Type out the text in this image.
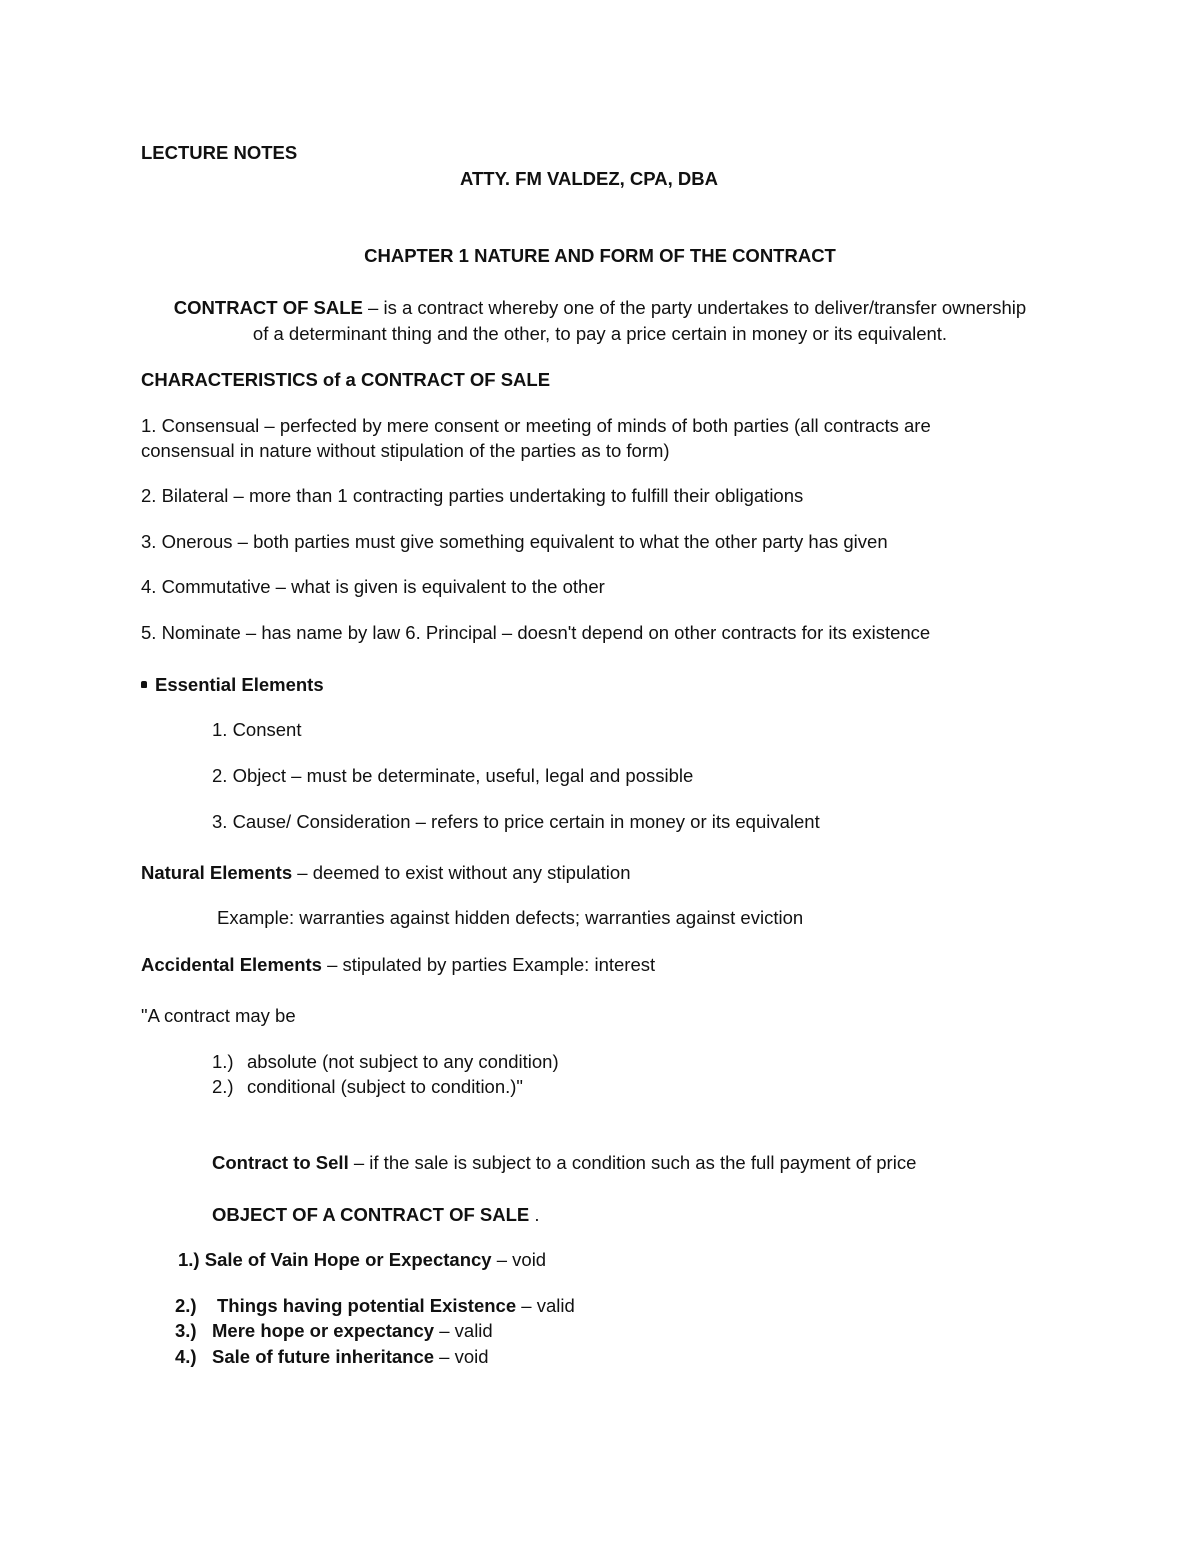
LECTURE NOTES
ATTY. FM VALDEZ, CPA, DBA
CHAPTER 1 NATURE AND FORM OF THE CONTRACT
CONTRACT OF SALE – is a contract whereby one of the party undertakes to deliver/transfer ownership
of a determinant thing and the other, to pay a price certain in money or its equivalent.
CHARACTERISTICS of a CONTRACT OF SALE
1. Consensual – perfected by mere consent or meeting of minds of both parties (all contracts are
consensual in nature without stipulation of the parties as to form)
2. Bilateral – more than 1 contracting parties undertaking to fulfill their obligations
3. Onerous – both parties must give something equivalent to what the other party has given
4. Commutative – what is given is equivalent to the other
5. Nominate – has name by law 6. Principal – doesn't depend on other contracts for its existence
Essential Elements
1. Consent
2. Object – must be determinate, useful, legal and possible
3. Cause/ Consideration – refers to price certain in money or its equivalent
Natural Elements – deemed to exist without any stipulation
Example: warranties against hidden defects; warranties against eviction
Accidental Elements – stipulated by parties Example: interest
"A contract may be
1.) absolute (not subject to any condition)
2.) conditional (subject to condition.)"
Contract to Sell – if the sale is subject to a condition such as the full payment of price
OBJECT OF A CONTRACT OF SALE .
1.) Sale of Vain Hope or Expectancy – void
2.) Things having potential Existence – valid
3.) Mere hope or expectancy – valid
4.) Sale of future inheritance – void
